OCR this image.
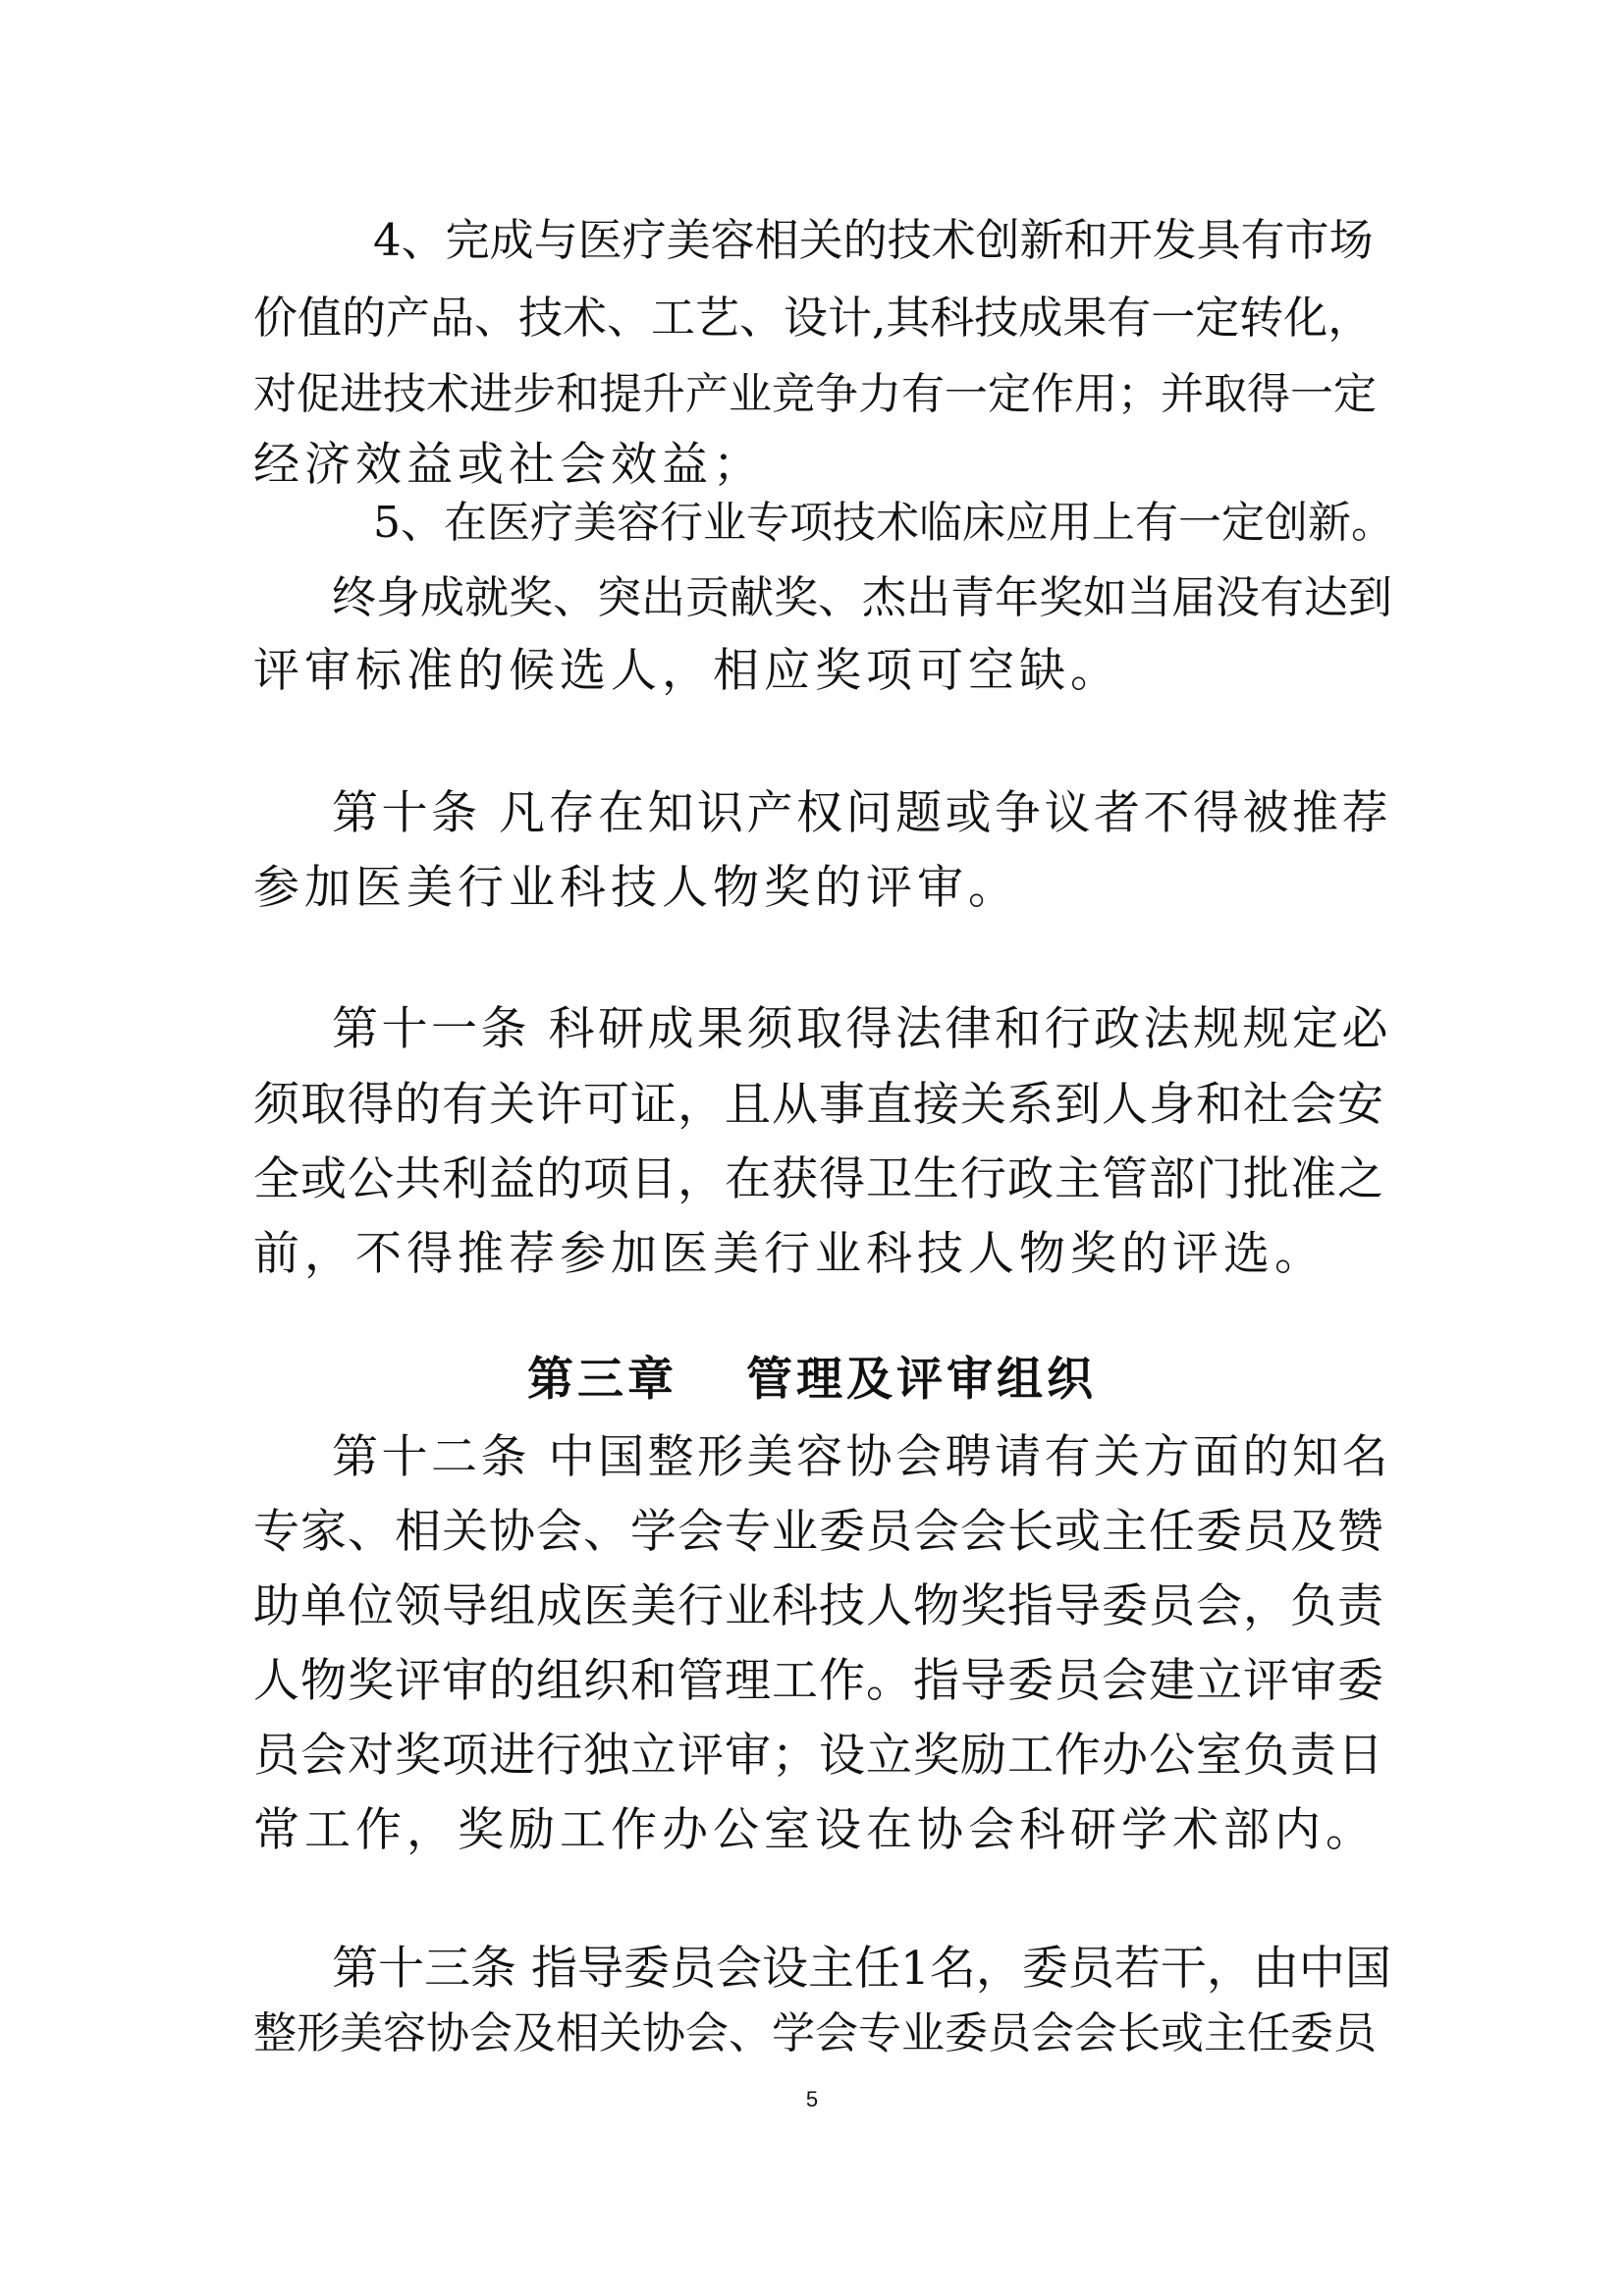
4、完成与医疗美容相关的技术创新和开发具有市场
价值的产品、技术、工艺、设计,其科技成果有一定转化，
对促进技术进步和提升产业竞争力有一定作用；并取得一定
经济效益或社会效益；
5、在医疗美容行业专项技术临床应用上有一定创新。
终身成就奖、突出贡献奖、杰出青年奖如当届没有达到
评审标准的候选人，相应奖项可空缺。
第十条 凡存在知识产权问题或争议者不得被推荐
参加医美行业科技人物奖的评审。
第十一条 科研成果须取得法律和行政法规规定必
须取得的有关许可证，且从事直接关系到人身和社会安
全或公共利益的项目，在获得卫生行政主管部门批准之
前，不得推荐参加医美行业科技人物奖的评选。
第三章 管理及评审组织
第十二条 中国整形美容协会聘请有关方面的知名
专家、相关协会、学会专业委员会会长或主任委员及赞
助单位领导组成医美行业科技人物奖指导委员会，负责
人物奖评审的组织和管理工作。指导委员会建立评审委
员会对奖项进行独立评审；设立奖励工作办公室负责日
常工作，奖励工作办公室设在协会科研学术部内。
第十三条 指导委员会设主任1名，委员若干，由中国
整形美容协会及相关协会、学会专业委员会会长或主任委员
5
